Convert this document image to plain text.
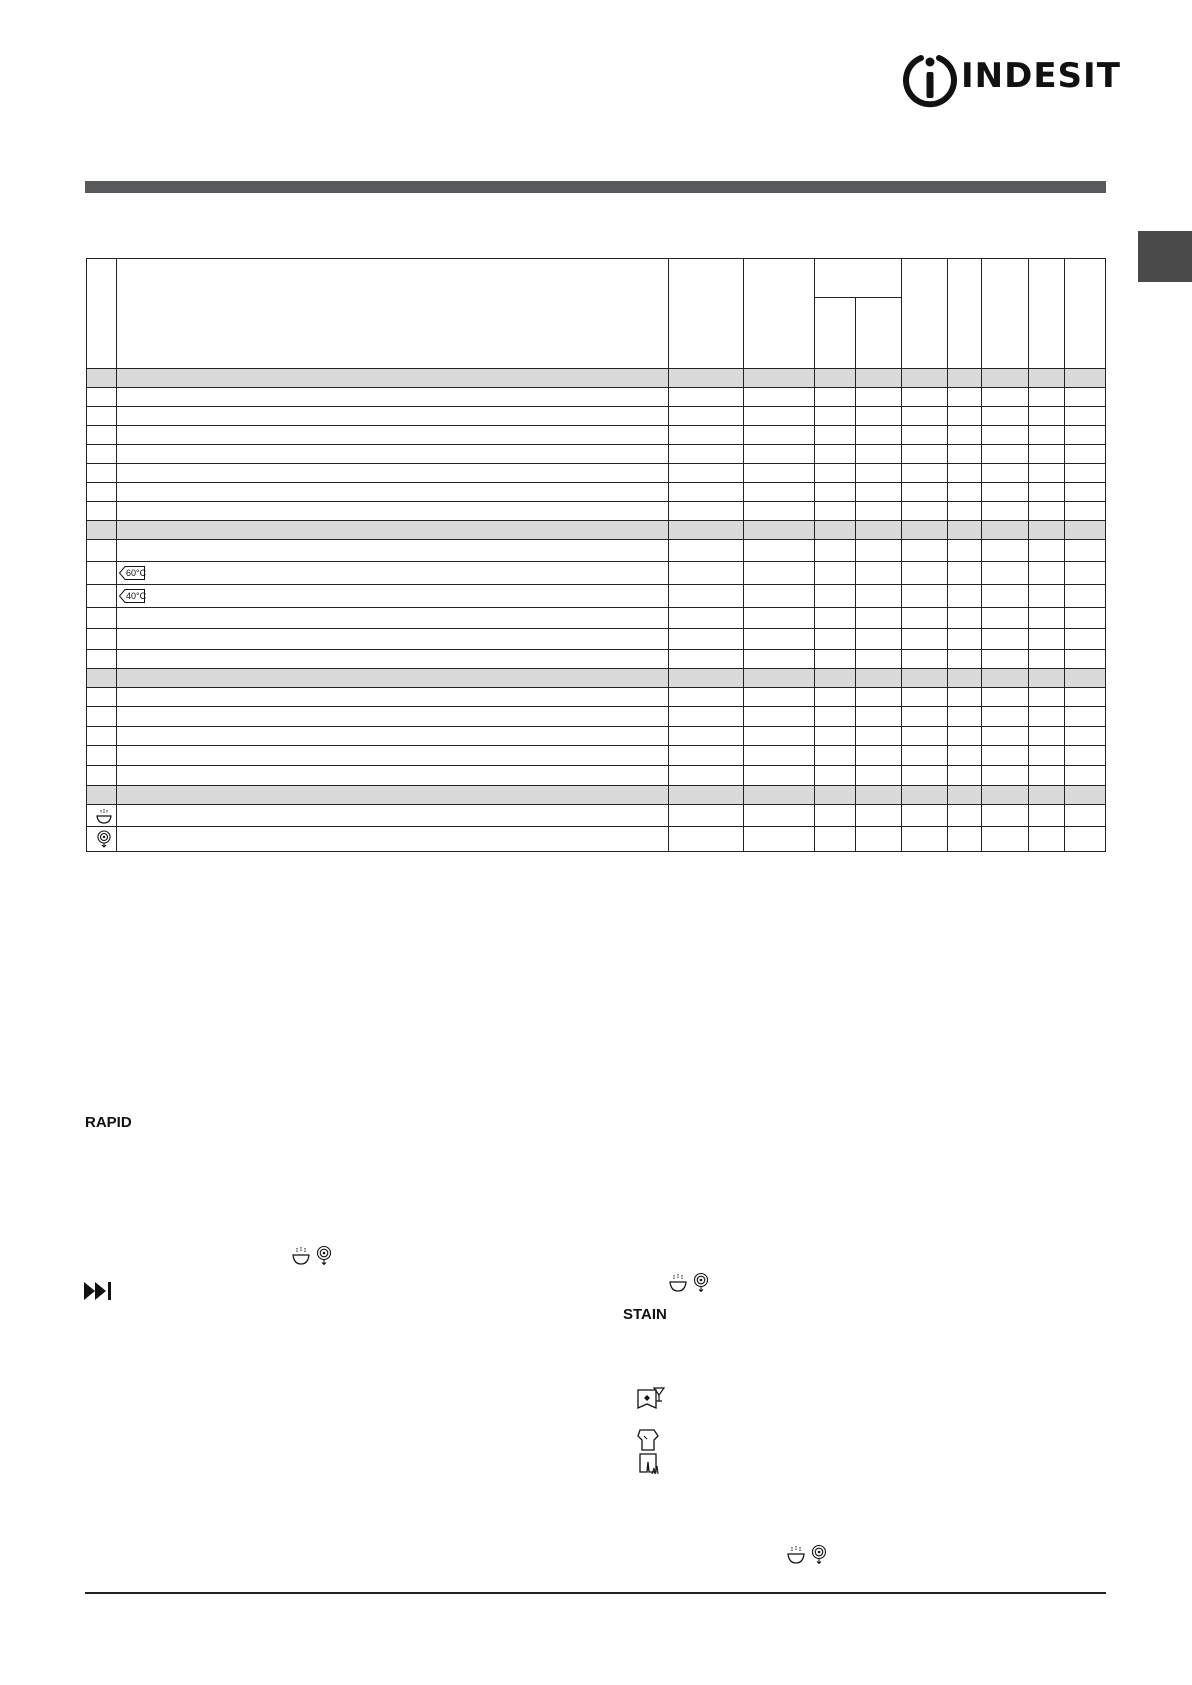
INDESIT
60°C
40°C
RAPID
STAIN
